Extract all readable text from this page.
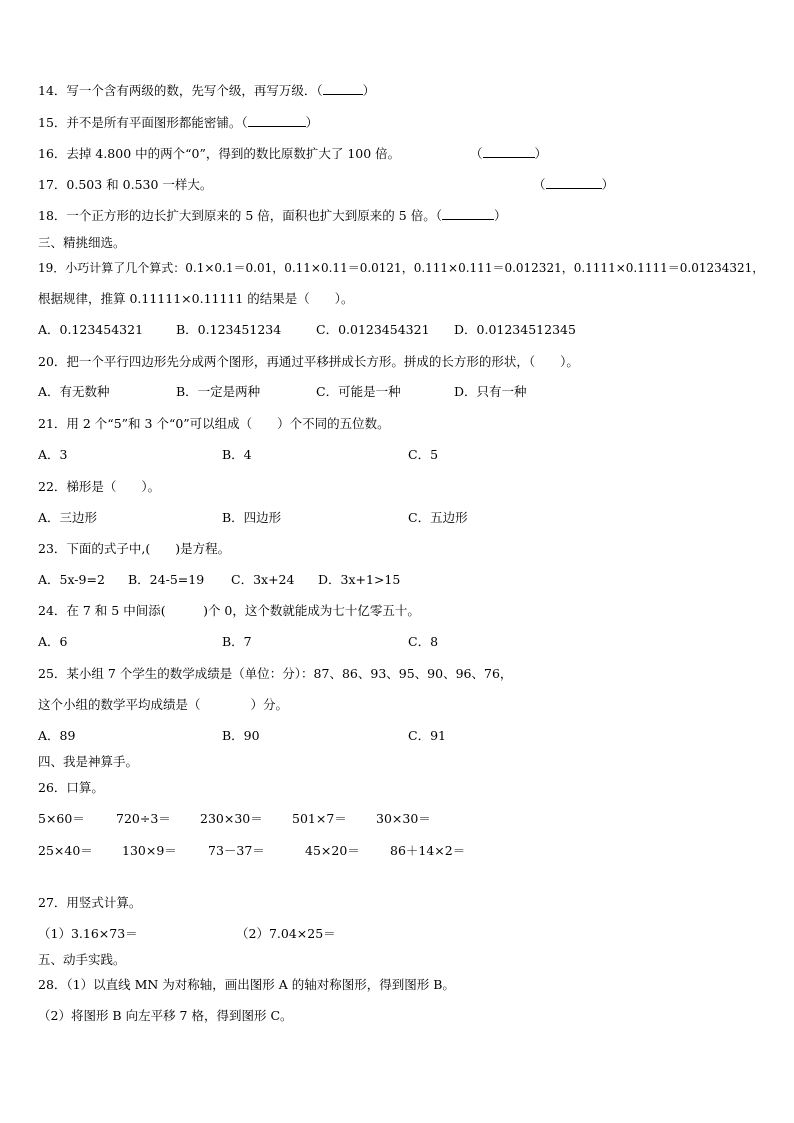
14．写一个含有两级的数，先写个级，再写万级．（	）
15．并不是所有平面图形都能密铺。（	）
16．去掉 4.800 中的两个“0”，得到的数比原数扩大了 100 倍。	（	）
17．0.503 和 0.530 一样大。	（	）
18．一个正方形的边长扩大到原来的 5 倍，面积也扩大到原来的 5 倍。（	）
三、精挑细选。
19．小巧计算了几个算式：0.1×0.1＝0.01，0.11×0.11＝0.0121，0.111×0.111＝0.012321，0.1111×0.1111＝0.01234321，
根据规律，推算 0.11111×0.11111 的结果是（　　）。
A．0.123454321	B．0.123451234	C．0.0123454321 D．0.01234512345
20．把一个平行四边形先分成两个图形，再通过平移拼成长方形。拼成的长方形的形状，（　　）。
A．有无数种	B．一定是两种	C．可能是一种	D．只有一种
21．用 2 个“5”和 3 个“0”可以组成（　　）个不同的五位数。
A．3	B．4	C．5
22．梯形是（　　）。
A．三边形	B．四边形	C．五边形
23．下面的式子中,(　　)是方程。
A．5x-9=2 B．24-5=19 C．3x+24 D．3x+1>15
24．在 7 和 5 中间添(　　　)个 0，这个数就能成为七十亿零五十。
A．6	B．7	C．8
25．某小组 7 个学生的数学成绩是（单位：分）：87、86、93、95、90、96、76，
这个小组的数学平均成绩是（　　　　）分。
A．89	B．90	C．91
四、我是神算手。
26．口算。
5×60＝ 720÷3＝ 230×30＝ 501×7＝ 30×30＝
25×40＝ 130×9＝ 73－37＝	45×20＝ 86＋14×2＝
27．用竖式计算。
（1）3.16×73＝	（2）7.04×25＝
五、动手实践。
28．（1）以直线 MN 为对称轴，画出图形 A 的轴对称图形，得到图形 B。
（2）将图形 B 向左平移 7 格，得到图形 C。
